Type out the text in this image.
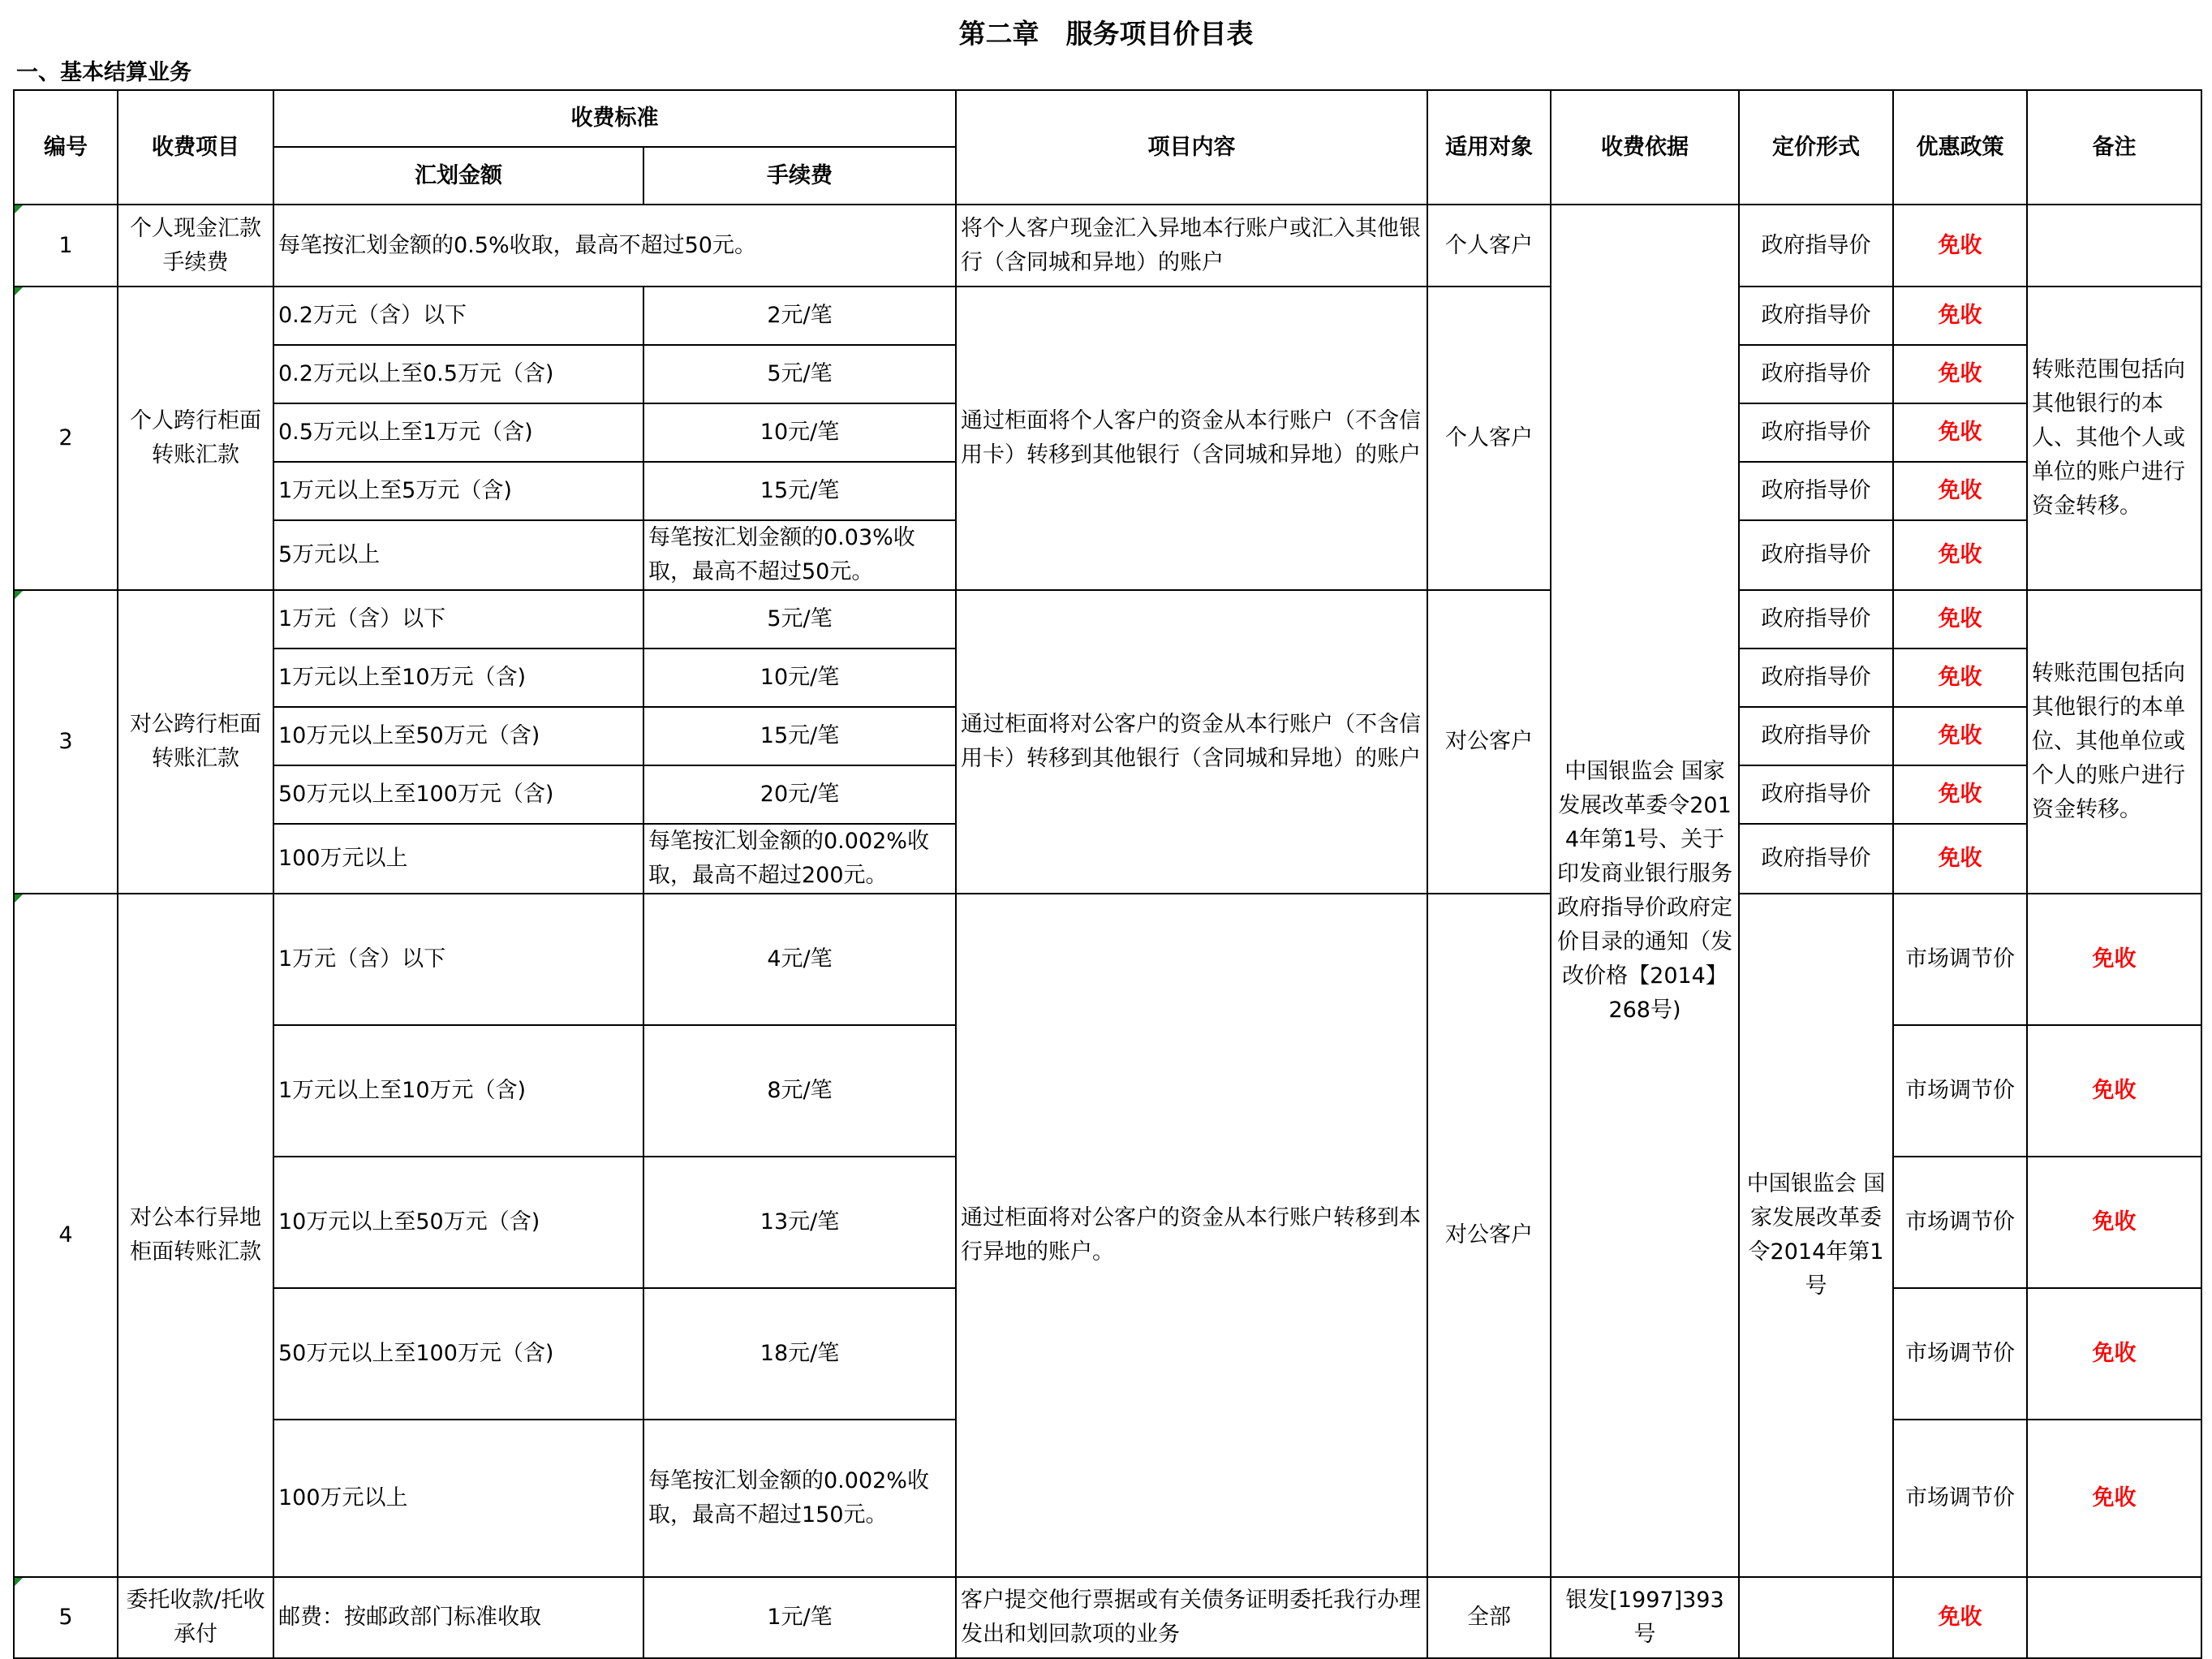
第二章　服务项目价目表
一、基本结算业务
编号	收费项目	收费标准		项目内容	适用对象	收费依据	定价形式	优惠政策	备注	
		汇划金额	手续费							
1	个人现金汇款手续费	每笔按汇划金额的0.5%收取，最高不超过50元。		将个人客户现金汇入异地本行账户或汇入其他银行（含同城和异地）的账户	个人客户	中国银监会 国家发展改革委令2014年第1号、关于印发商业银行服务政府指导价政府定价目录的通知（发改价格【2014】268号)	政府指导价	免收		
2	个人跨行柜面转账汇款	0.2万元（含）以下	2元/笔	通过柜面将个人客户的资金从本行账户（不含信用卡）转移到其他银行（含同城和异地）的账户	个人客户		政府指导价	免收	转账范围包括向其他银行的本人、其他个人或单位的账户进行资金转移。	
		0.2万元以上至0.5万元（含)	5元/笔				政府指导价	免收		
		0.5万元以上至1万元（含)	10元/笔				政府指导价	免收		
		1万元以上至5万元（含)	15元/笔				政府指导价	免收		
		5万元以上	每笔按汇划金额的0.03%收取，最高不超过50元。				政府指导价	免收		
3	对公跨行柜面转账汇款	1万元（含）以下	5元/笔	通过柜面将对公客户的资金从本行账户（不含信用卡）转移到其他银行（含同城和异地）的账户	对公客户		政府指导价	免收	转账范围包括向其他银行的本单位、其他单位或个人的账户进行资金转移。	
		1万元以上至10万元（含)	10元/笔				政府指导价	免收		
		10万元以上至50万元（含)	15元/笔				政府指导价	免收		
		50万元以上至100万元（含)	20元/笔				政府指导价	免收		
		100万元以上	每笔按汇划金额的0.002%收取，最高不超过200元。				政府指导价	免收		
4	对公本行异地柜面转账汇款	1万元（含）以下	4元/笔	通过柜面将对公客户的资金从本行账户转移到本行异地的账户。	对公客户		中国银监会 国家发展改革委令2014年第1号	市场调节价	免收	
		1万元以上至10万元（含)	8元/笔					市场调节价	免收	
		10万元以上至50万元（含)	13元/笔					市场调节价	免收	
		50万元以上至100万元（含)	18元/笔					市场调节价	免收	
		100万元以上	每笔按汇划金额的0.002%收取，最高不超过150元。					市场调节价	免收	
5	委托收款/托收承付	邮费：按邮政部门标准收取	1元/笔	客户提交他行票据或有关债务证明委托我行办理发出和划回款项的业务	全部	银发[1997]393号		免收		
